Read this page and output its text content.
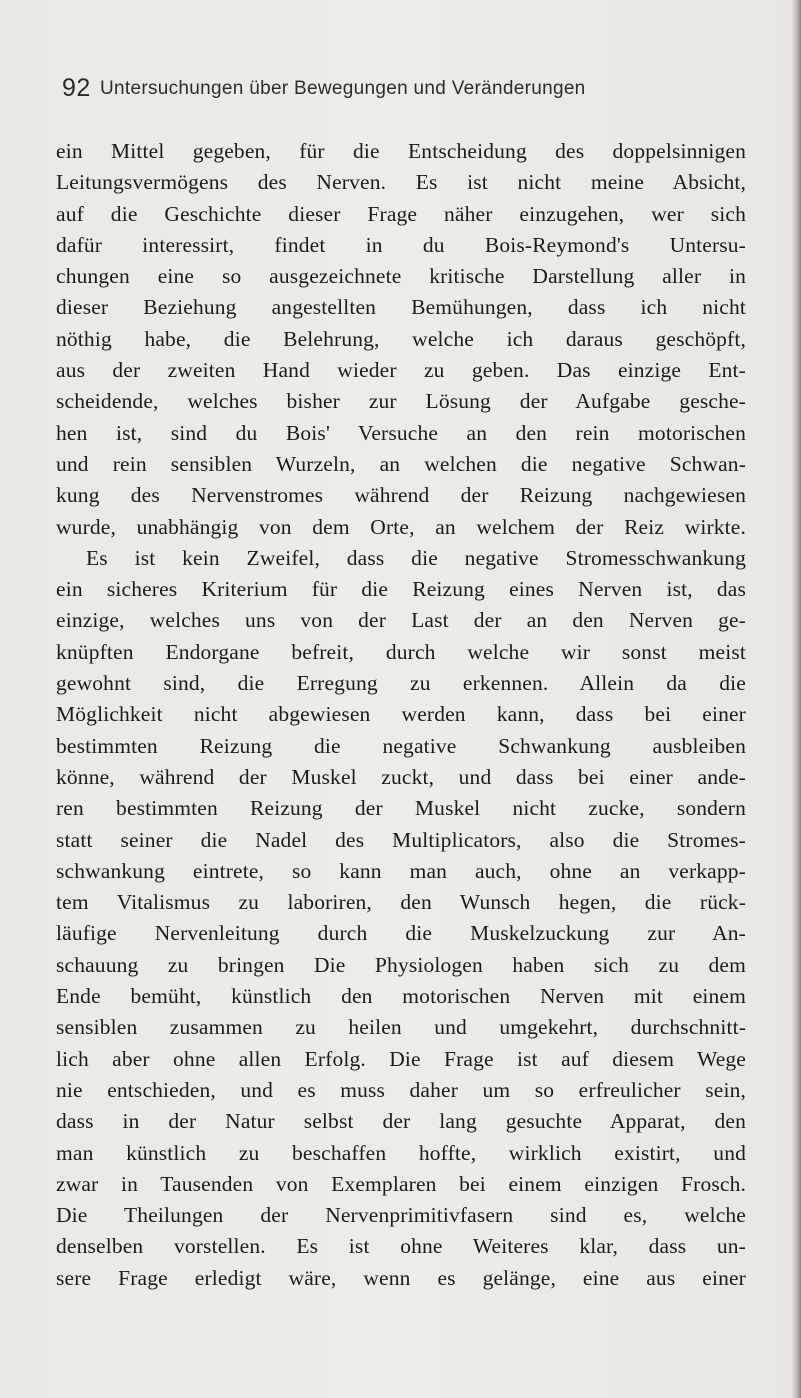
92 Untersuchungen über Bewegungen und Veränderungen
ein Mittel gegeben, für die Entscheidung des doppelsinnigen
Leitungsvermögens des Nerven. Es ist nicht meine Absicht,
auf die Geschichte dieser Frage näher einzugehen, wer sich
dafür interessirt, findet in du Bois-Reymond's Untersu-
chungen eine so ausgezeichnete kritische Darstellung aller in
dieser Beziehung angestellten Bemühungen, dass ich nicht
nöthig habe, die Belehrung, welche ich daraus geschöpft,
aus der zweiten Hand wieder zu geben. Das einzige Ent-
scheidende, welches bisher zur Lösung der Aufgabe gesche-
hen ist, sind du Bois' Versuche an den rein motorischen
und rein sensiblen Wurzeln, an welchen die negative Schwan-
kung des Nervenstromes während der Reizung nachgewiesen
wurde, unabhängig von dem Orte, an welchem der Reiz wirkte.
Es ist kein Zweifel, dass die negative Stromesschwankung
ein sicheres Kriterium für die Reizung eines Nerven ist, das
einzige, welches uns von der Last der an den Nerven ge-
knüpften Endorgane befreit, durch welche wir sonst meist
gewohnt sind, die Erregung zu erkennen. Allein da die
Möglichkeit nicht abgewiesen werden kann, dass bei einer
bestimmten Reizung die negative Schwankung ausbleiben
könne, während der Muskel zuckt, und dass bei einer ande-
ren bestimmten Reizung der Muskel nicht zucke, sondern
statt seiner die Nadel des Multiplicators, also die Stromes-
schwankung eintrete, so kann man auch, ohne an verkapp-
tem Vitalismus zu laboriren, den Wunsch hegen, die rück-
läufige Nervenleitung durch die Muskelzuckung zur An-
schauung zu bringen Die Physiologen haben sich zu dem
Ende bemüht, künstlich den motorischen Nerven mit einem
sensiblen zusammen zu heilen und umgekehrt, durchschnitt-
lich aber ohne allen Erfolg. Die Frage ist auf diesem Wege
nie entschieden, und es muss daher um so erfreulicher sein,
dass in der Natur selbst der lang gesuchte Apparat, den
man künstlich zu beschaffen hoffte, wirklich existirt, und
zwar in Tausenden von Exemplaren bei einem einzigen Frosch.
Die Theilungen der Nervenprimitivfasern sind es, welche
denselben vorstellen. Es ist ohne Weiteres klar, dass un-
sere Frage erledigt wäre, wenn es gelänge, eine aus einer
